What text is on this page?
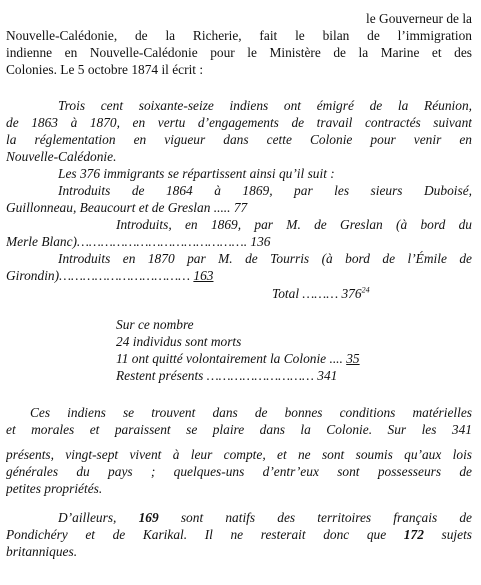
le Gouverneur de la
Nouvelle-Calédonie, de la Richerie, fait le bilan de l’immigration
indienne en Nouvelle-Calédonie pour le Ministère de la Marine et des
Colonies. Le 5 octobre 1874 il écrit :
Trois cent soixante-seize indiens ont émigré de la Réunion,
de 1863 à 1870, en vertu d’engagements de travail contractés suivant
la réglementation en vigueur dans cette Colonie pour venir en
Nouvelle-Calédonie.
Les 376 immigrants se répartissent ainsi qu’il suit :
Introduits de 1864 à 1869, par les sieurs Duboisé,
Guillonneau, Beaucourt et de Greslan ..... 77
Introduits, en 1869, par M. de Greslan (à bord du
Merle Blanc)……………………………………. 136
Introduits en 1870 par M. de Tourris (à bord de l’Émile de
Girondin)…………………………… 163
Total ……… $376^{24}$
Sur ce nombre
24 individus sont morts
11 ont quitté volontairement la Colonie .... 35
Restent présents ……………………… 341
Ces indiens se trouvent dans de bonnes conditions matérielles
et morales et paraissent se plaire dans la Colonie. Sur les 341
présents, vingt-sept vivent à leur compte, et ne sont soumis qu’aux lois
générales du pays ; quelques-uns d’entr’eux sont possesseurs de
petites propriétés.
D’ailleurs, 169 sont natifs des territoires français de
Pondichéry et de Karikal. Il ne resterait donc que 172 sujets
britanniques.
